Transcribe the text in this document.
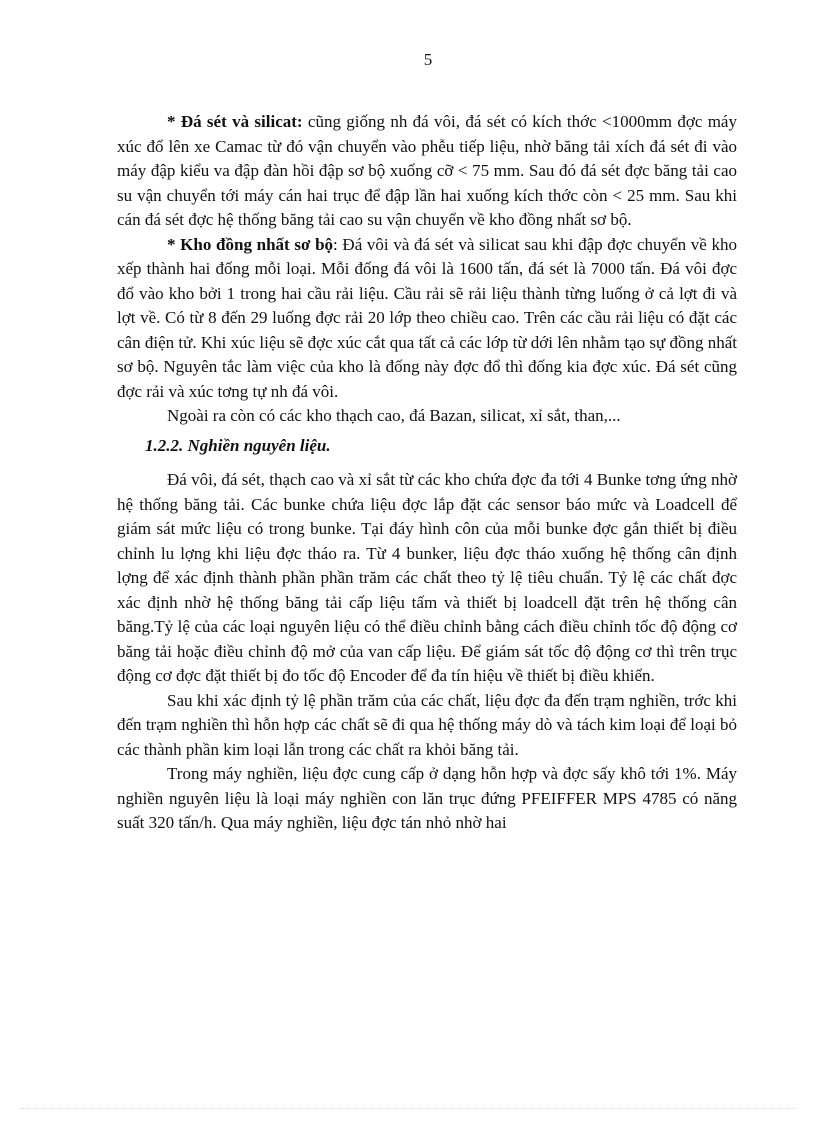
5

* Đá sét và silicat: cũng giống nh đá vôi, đá sét có kích thớc <1000mm đợc máy xúc đổ lên xe Camac từ đó vận chuyển vào phễu tiếp liệu, nhờ băng tải xích đá sét đi vào máy đập kiểu va đập đàn hồi đập sơ bộ xuống cỡ < 75 mm. Sau đó đá sét đợc băng tải cao su vận chuyển tới máy cán hai trục để đập lần hai xuống kích thớc còn < 25 mm. Sau khi cán đá sét đợc hệ thống băng tải cao su vận chuyển về kho đồng nhất sơ bộ.

* Kho đồng nhất sơ bộ: Đá vôi và đá sét và silicat sau khi đập đợc chuyển về kho xếp thành hai đống mỗi loại. Mỗi đống đá vôi là 1600 tấn, đá sét là 7000 tấn. Đá vôi đợc đổ vào kho bởi 1 trong hai cầu rải liệu. Cầu rải sẽ rải liệu thành từng luống ở cả lợt đi và lợt về. Có từ 8 đến 29 luống đợc rải 20 lớp theo chiều cao. Trên các cầu rải liệu có đặt các cân điện tử. Khi xúc liệu sẽ đợc xúc cắt qua tất cả các lớp từ dới lên nhằm tạo sự đồng nhất sơ bộ. Nguyên tắc làm việc của kho là đống này đợc đổ thì đống kia đợc xúc. Đá sét cũng đợc rải và xúc tơng tự nh đá vôi.

Ngoài ra còn có các kho thạch cao, đá Bazan, silicat, xỉ sắt, than,...

1.2.2. Nghiền nguyên liệu.

Đá vôi, đá sét, thạch cao và xỉ sắt từ các kho chứa đợc đa tới 4 Bunke tơng ứng nhờ hệ thống băng tải. Các bunke chứa liệu đợc lắp đặt các sensor báo mức và Loadcell để giám sát mức liệu có trong bunke. Tại đáy hình côn của mỗi bunke đợc gắn thiết bị điều chỉnh lu lợng khi liệu đợc tháo ra. Từ 4 bunker, liệu đợc tháo xuống hệ thống cân định lợng để xác định thành phần phần trăm các chất theo tỷ lệ tiêu chuẩn. Tỷ lệ các chất đợc xác định nhờ hệ thống băng tải cấp liệu tấm và thiết bị loadcell đặt trên hệ thống cân băng.Tỷ lệ của các loại nguyên liệu có thể điều chỉnh bằng cách điều chỉnh tốc độ động cơ băng tải hoặc điều chỉnh độ mở của van cấp liệu. Để giám sát tốc độ động cơ thì trên trục động cơ đợc đặt thiết bị đo tốc độ Encoder để đa tín hiệu về thiết bị điều khiển.

Sau khi xác định tỷ lệ phần trăm của các chất, liệu đợc đa đến trạm nghiền, trớc khi đến trạm nghiền thì hỗn hợp các chất sẽ đi qua hệ thống máy dò và tách kim loại để loại bỏ các thành phần kim loại lẫn trong các chất ra khỏi băng tải.

Trong máy nghiền, liệu đợc cung cấp ở dạng hỗn hợp và đợc sấy khô tới 1%. Máy nghiền nguyên liệu là loại máy nghiền con lăn trục đứng PFEIFFER MPS 4785 có năng suất 320 tấn/h. Qua máy nghiền, liệu đợc tán nhỏ nhờ hai
